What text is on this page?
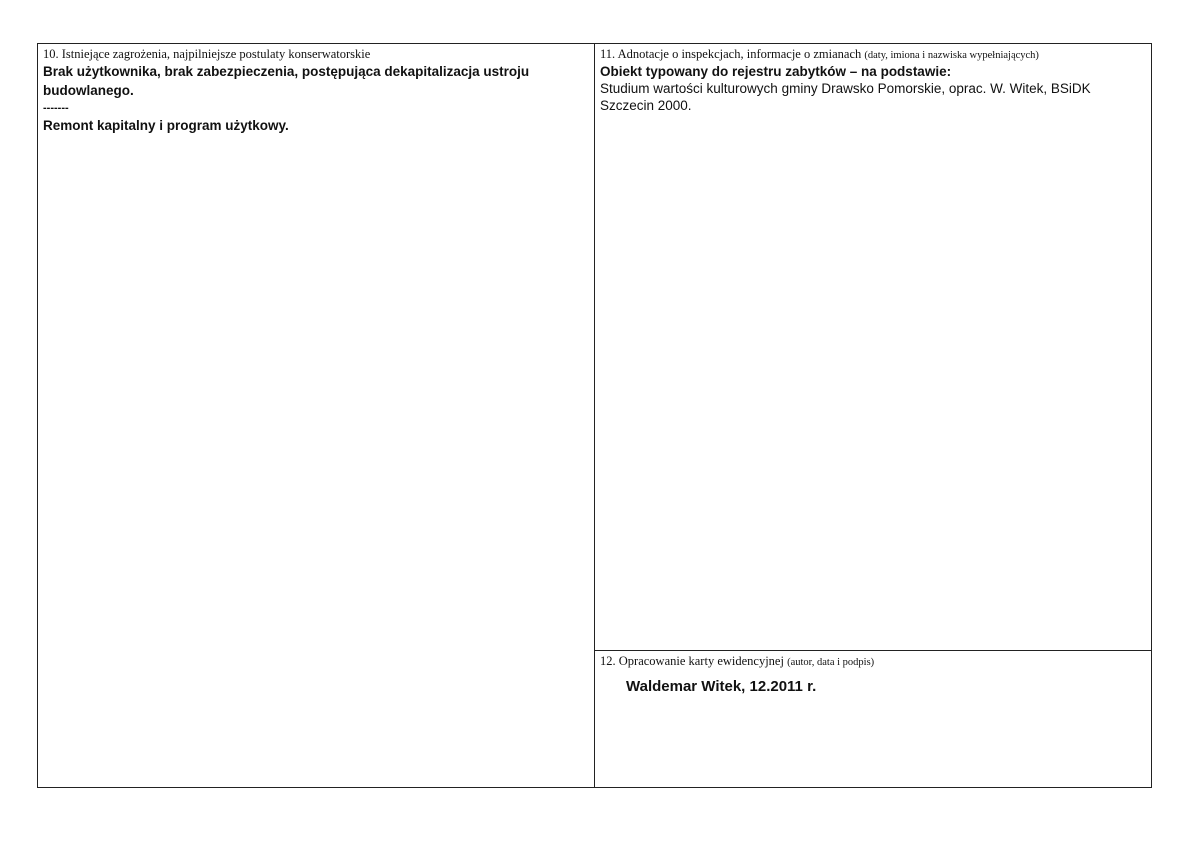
10. Istniejące zagrożenia, najpilniejsze postulaty konserwatorskie

Brak użytkownika, brak zabezpieczenia, postępująca dekapitalizacja ustroju budowlanego.

-------

Remont kapitalny i program użytkowy.

11. Adnotacje o inspekcjach, informacje o zmianach (daty, imiona i nazwiska wypełniających)

Obiekt typowany do rejestru zabytków – na podstawie:

Studium wartości kulturowych gminy Drawsko Pomorskie, oprac. W. Witek, BSiDK Szczecin 2000.

12. Opracowanie karty ewidencyjnej (autor, data i podpis)

Waldemar Witek, 12.2011 r.
